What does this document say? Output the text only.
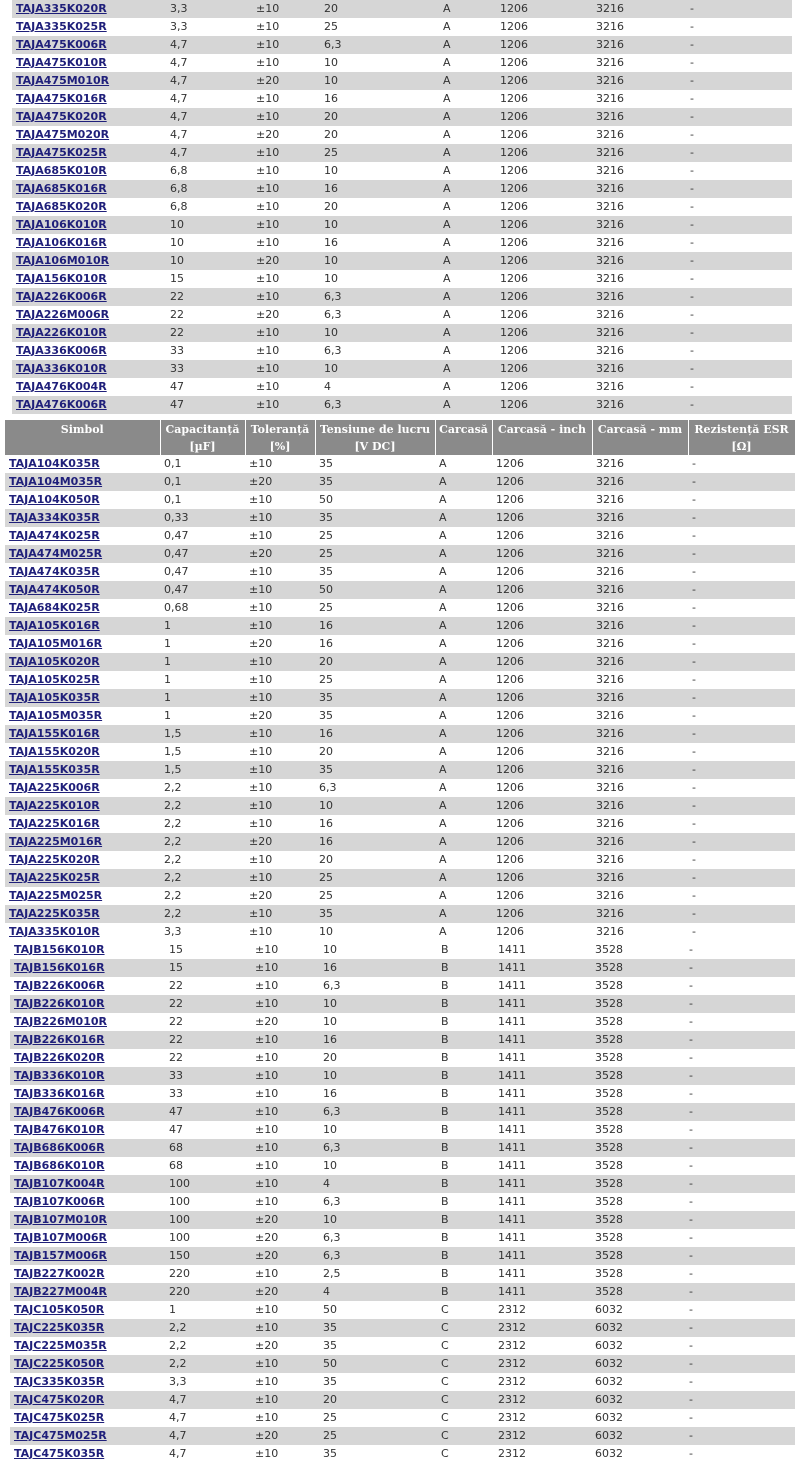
TAJA335K020R	3,3	±10	20	A	1206	3216	-
TAJA335K025R	3,3	±10	25	A	1206	3216	-
TAJA475K006R	4,7	±10	6,3	A	1206	3216	-
TAJA475K010R	4,7	±10	10	A	1206	3216	-
TAJA475M010R	4,7	±20	10	A	1206	3216	-
TAJA475K016R	4,7	±10	16	A	1206	3216	-
TAJA475K020R	4,7	±10	20	A	1206	3216	-
TAJA475M020R	4,7	±20	20	A	1206	3216	-
TAJA475K025R	4,7	±10	25	A	1206	3216	-
TAJA685K010R	6,8	±10	10	A	1206	3216	-
TAJA685K016R	6,8	±10	16	A	1206	3216	-
TAJA685K020R	6,8	±10	20	A	1206	3216	-
TAJA106K010R	10	±10	10	A	1206	3216	-
TAJA106K016R	10	±10	16	A	1206	3216	-
TAJA106M010R	10	±20	10	A	1206	3216	-
TAJA156K010R	15	±10	10	A	1206	3216	-
TAJA226K006R	22	±10	6,3	A	1206	3216	-
TAJA226M006R	22	±20	6,3	A	1206	3216	-
TAJA226K010R	22	±10	10	A	1206	3216	-
TAJA336K006R	33	±10	6,3	A	1206	3216	-
TAJA336K010R	33	±10	10	A	1206	3216	-
TAJA476K004R	47	±10	4	A	1206	3216	-
TAJA476K006R	47	±10	6,3	A	1206	3216	-
Simbol	Capacitanță	Toleranță	Tensiune de lucru	Carcasă	Carcasă - inch	Carcasă - mm	Rezistență ESR
	[µF]	[%]	[V DC]				[Ω]
TAJA104K035R	0,1	±10	35	A	1206	3216	-
TAJA104M035R	0,1	±20	35	A	1206	3216	-
TAJA104K050R	0,1	±10	50	A	1206	3216	-
TAJA334K035R	0,33	±10	35	A	1206	3216	-
TAJA474K025R	0,47	±10	25	A	1206	3216	-
TAJA474M025R	0,47	±20	25	A	1206	3216	-
TAJA474K035R	0,47	±10	35	A	1206	3216	-
TAJA474K050R	0,47	±10	50	A	1206	3216	-
TAJA684K025R	0,68	±10	25	A	1206	3216	-
TAJA105K016R	1	±10	16	A	1206	3216	-
TAJA105M016R	1	±20	16	A	1206	3216	-
TAJA105K020R	1	±10	20	A	1206	3216	-
TAJA105K025R	1	±10	25	A	1206	3216	-
TAJA105K035R	1	±10	35	A	1206	3216	-
TAJA105M035R	1	±20	35	A	1206	3216	-
TAJA155K016R	1,5	±10	16	A	1206	3216	-
TAJA155K020R	1,5	±10	20	A	1206	3216	-
TAJA155K035R	1,5	±10	35	A	1206	3216	-
TAJA225K006R	2,2	±10	6,3	A	1206	3216	-
TAJA225K010R	2,2	±10	10	A	1206	3216	-
TAJA225K016R	2,2	±10	16	A	1206	3216	-
TAJA225M016R	2,2	±20	16	A	1206	3216	-
TAJA225K020R	2,2	±10	20	A	1206	3216	-
TAJA225K025R	2,2	±10	25	A	1206	3216	-
TAJA225M025R	2,2	±20	25	A	1206	3216	-
TAJA225K035R	2,2	±10	35	A	1206	3216	-
TAJA335K010R	3,3	±10	10	A	1206	3216	-
TAJB156K010R	15	±10	10	B	1411	3528	-
TAJB156K016R	15	±10	16	B	1411	3528	-
TAJB226K006R	22	±10	6,3	B	1411	3528	-
TAJB226K010R	22	±10	10	B	1411	3528	-
TAJB226M010R	22	±20	10	B	1411	3528	-
TAJB226K016R	22	±10	16	B	1411	3528	-
TAJB226K020R	22	±10	20	B	1411	3528	-
TAJB336K010R	33	±10	10	B	1411	3528	-
TAJB336K016R	33	±10	16	B	1411	3528	-
TAJB476K006R	47	±10	6,3	B	1411	3528	-
TAJB476K010R	47	±10	10	B	1411	3528	-
TAJB686K006R	68	±10	6,3	B	1411	3528	-
TAJB686K010R	68	±10	10	B	1411	3528	-
TAJB107K004R	100	±10	4	B	1411	3528	-
TAJB107K006R	100	±10	6,3	B	1411	3528	-
TAJB107M010R	100	±20	10	B	1411	3528	-
TAJB107M006R	100	±20	6,3	B	1411	3528	-
TAJB157M006R	150	±20	6,3	B	1411	3528	-
TAJB227K002R	220	±10	2,5	B	1411	3528	-
TAJB227M004R	220	±20	4	B	1411	3528	-
TAJC105K050R	1	±10	50	C	2312	6032	-
TAJC225K035R	2,2	±10	35	C	2312	6032	-
TAJC225M035R	2,2	±20	35	C	2312	6032	-
TAJC225K050R	2,2	±10	50	C	2312	6032	-
TAJC335K035R	3,3	±10	35	C	2312	6032	-
TAJC475K020R	4,7	±10	20	C	2312	6032	-
TAJC475K025R	4,7	±10	25	C	2312	6032	-
TAJC475M025R	4,7	±20	25	C	2312	6032	-
TAJC475K035R	4,7	±10	35	C	2312	6032	-
